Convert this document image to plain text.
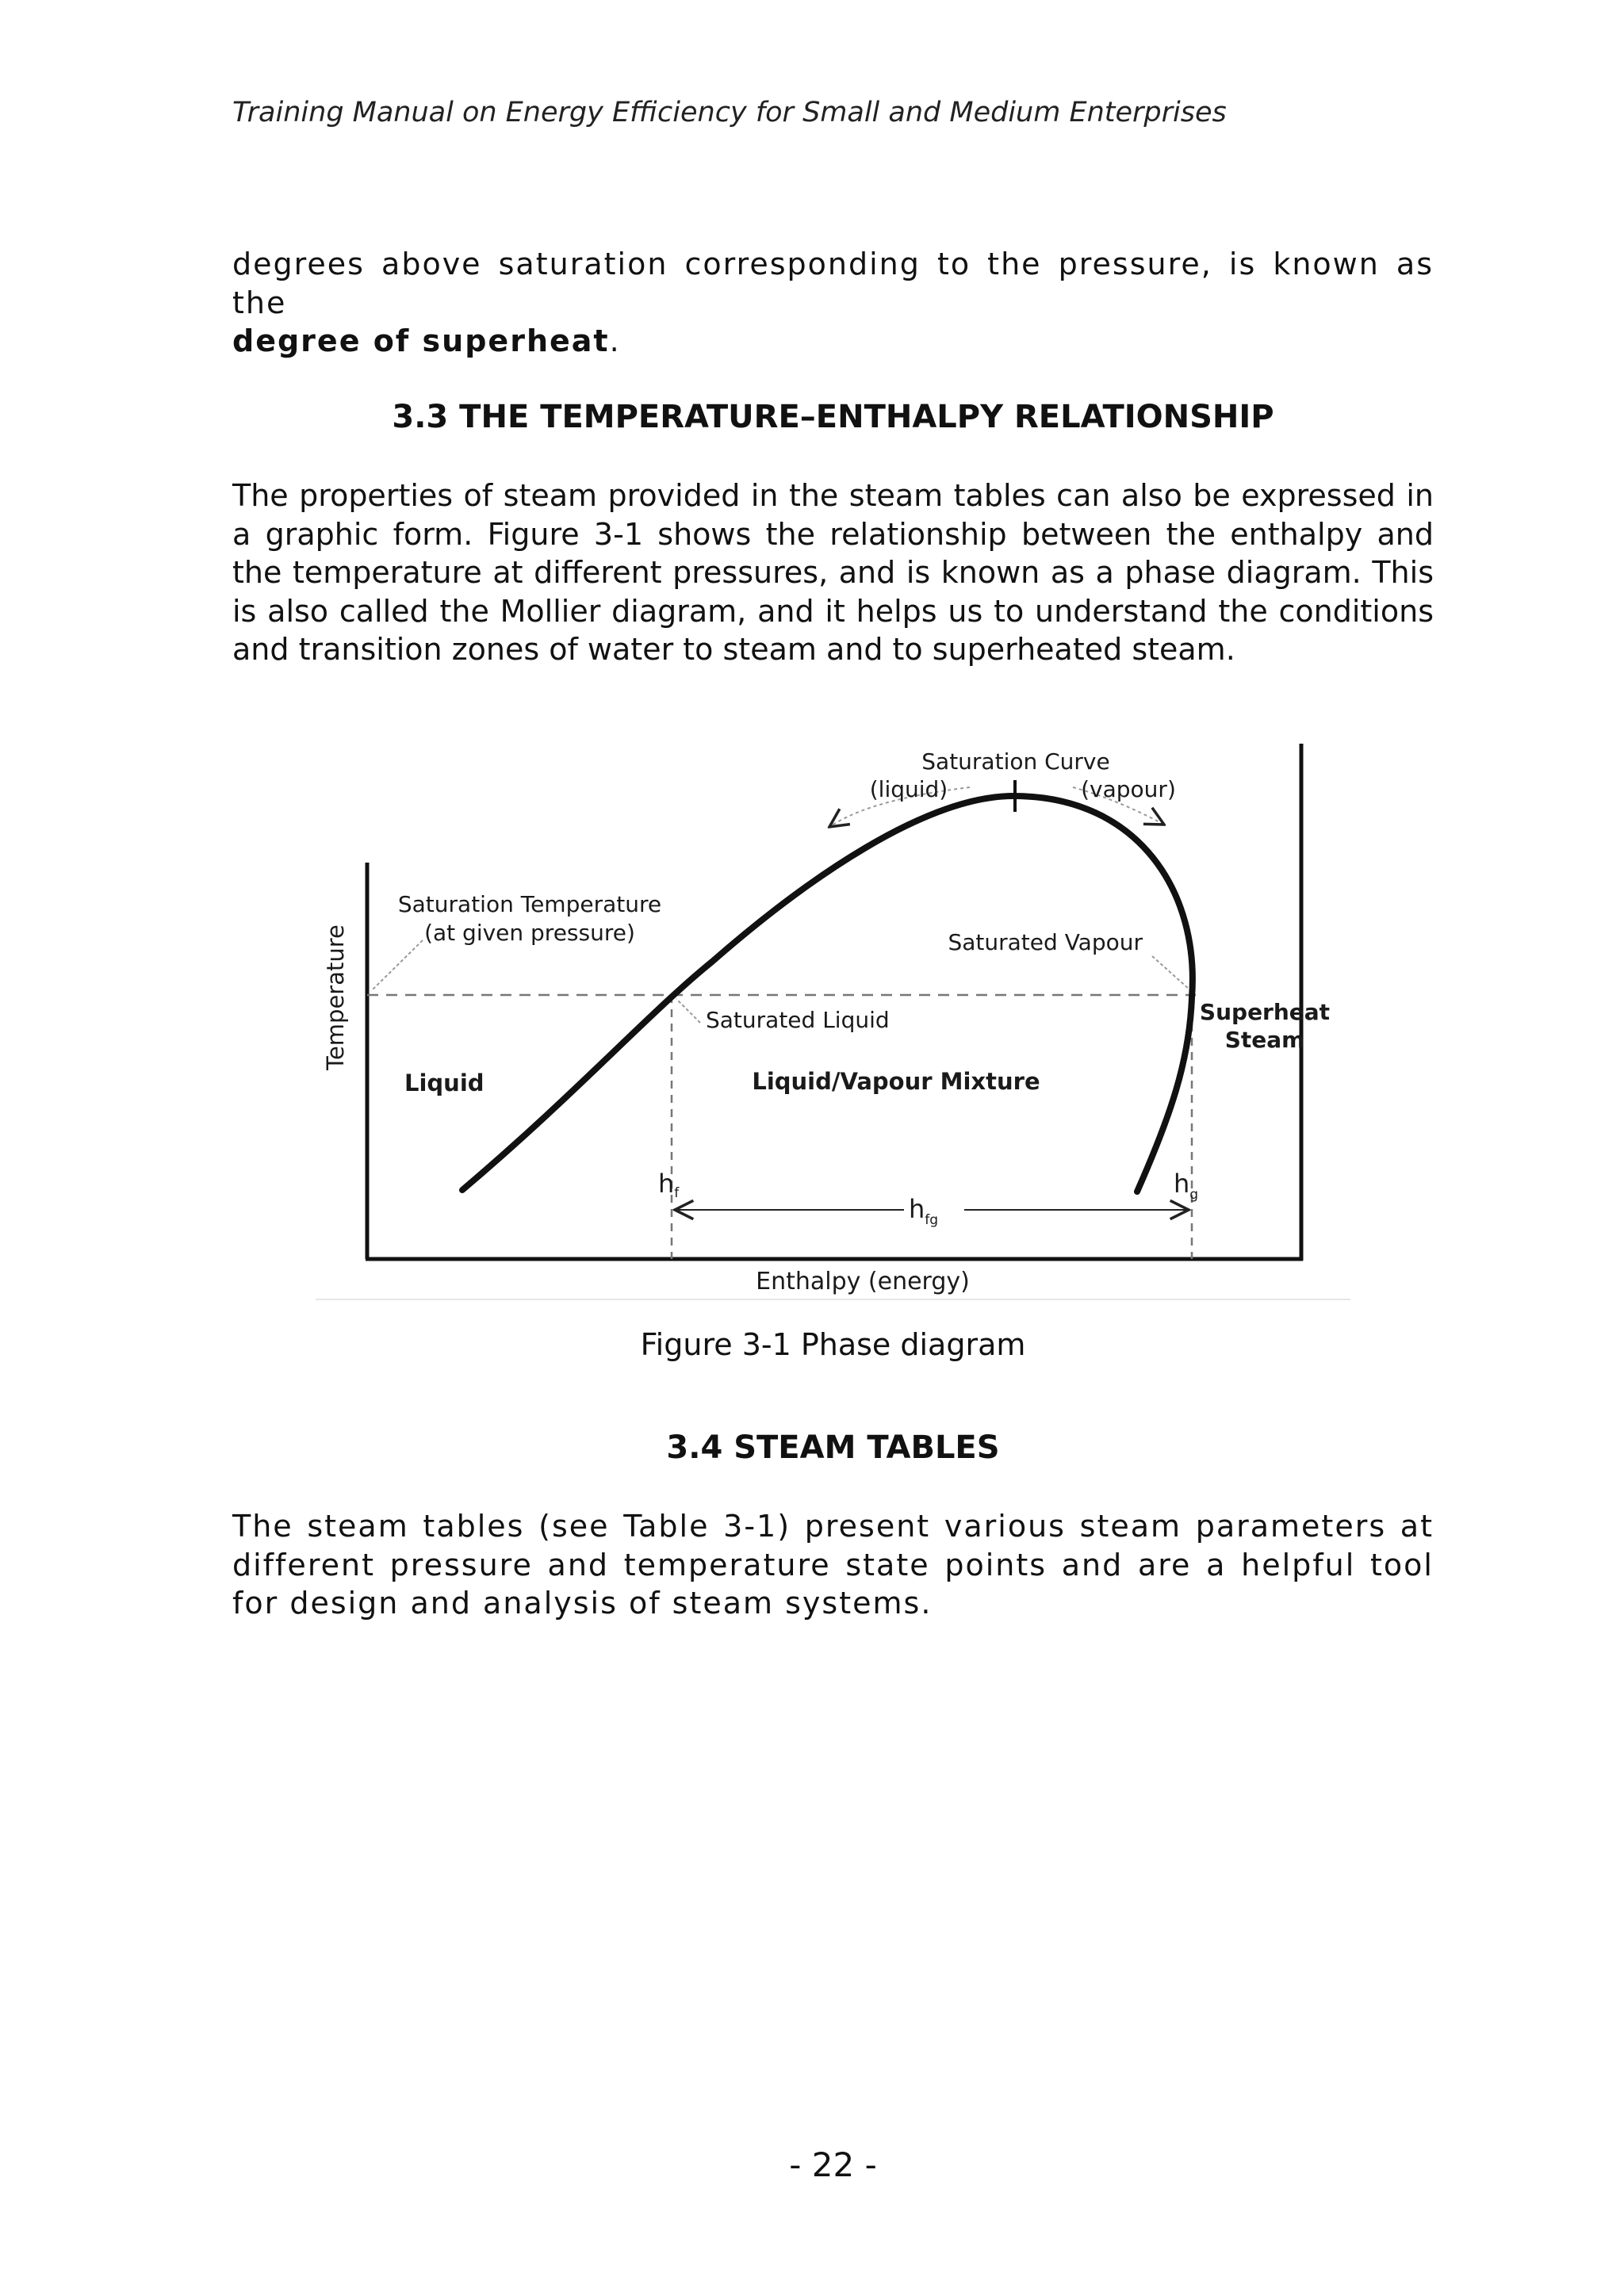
Training Manual on Energy Efficiency for Small and Medium Enterprises

degrees above saturation corresponding to the pressure, is known as the
degree of superheat.

3.3 THE TEMPERATURE–ENTHALPY RELATIONSHIP

The properties of steam provided in the steam tables can also be expressed in a graphic form. Figure 3-1 shows the relationship between the enthalpy and the temperature at different pressures, and is known as a phase diagram. This is also called the Mollier diagram, and it helps us to understand the conditions and transition zones of water to steam and to superheated steam.

Saturation Curve
(liquid)	(vapour)
Saturation Temperature
(at given pressure)	Saturated Vapour
Saturated Liquid	Superheat
Steam
Liquid	Liquid/Vapour Mixture
Temperature
Enthalpy (energy)
hf	$h_g$
$h_{fg}$
Figure 3-1 Phase diagram
3.4 STEAM TABLES

The steam tables (see Table 3-1) present various steam parameters at different pressure and temperature state points and are a helpful tool for design and analysis of steam systems.

- 22 -
